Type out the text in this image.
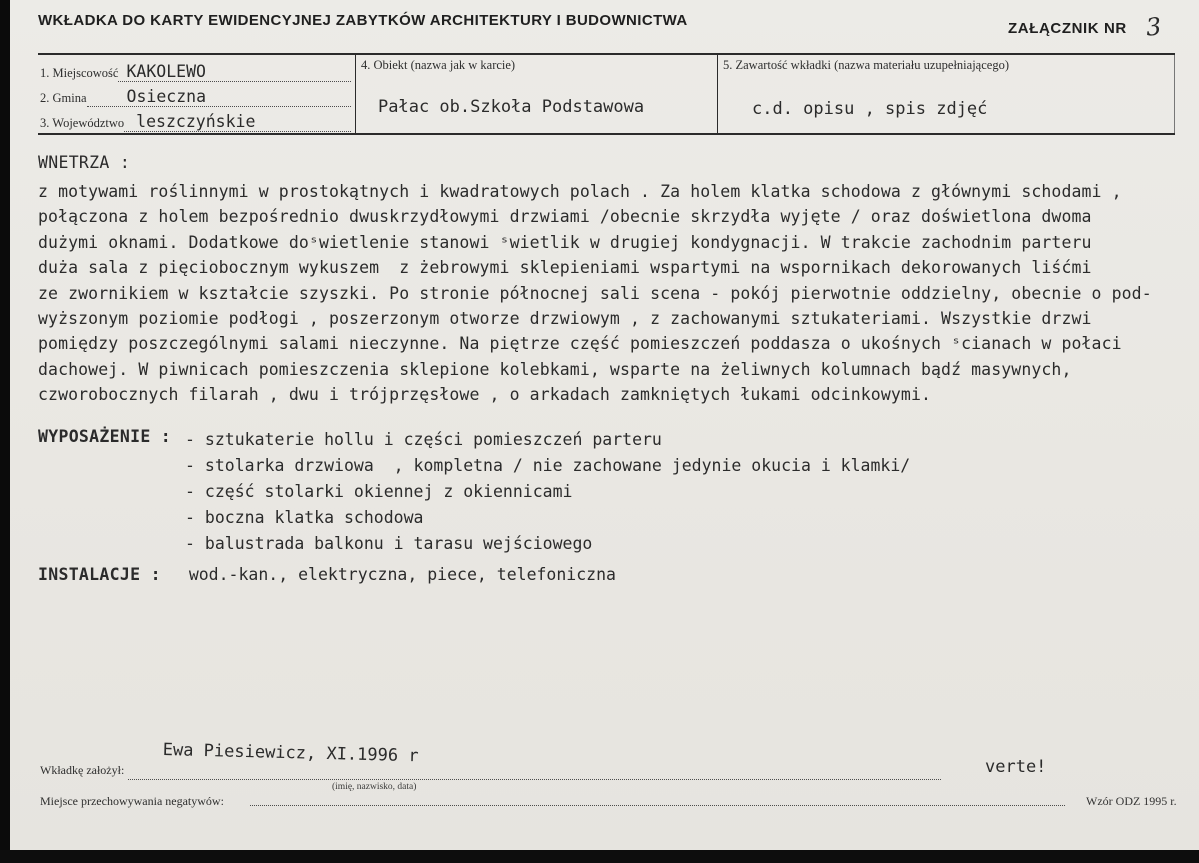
WKŁADKA DO KARTY EWIDENCYJNEJ ZABYTKÓW ARCHITEKTURY I BUDOWNICTWA	ZAŁĄCZNIK NR 3
1. Miejscowość KAKOLEWO
2. Gmina Osieczna
3. Województwo leszczyńskie
4. Obiekt (nazwa jak w karcie)
Pałac ob.Szkoła Podstawowa
5. Zawartość wkładki (nazwa materiału uzupełniającego)
c.d. opisu , spis zdjęć
WNETRZA :
z motywami roślinnymi w prostokątnych i kwadratowych polach . Za holem klatka schodowa z głównymi schodami ,
połączona z holem bezpośrednio dwuskrzydłowymi drzwiami /obecnie skrzydła wyjęte / oraz doświetlona dwoma
dużymi oknami. Dodatkowe doˢwietlenie stanowi ˢwietlik w drugiej kondygnacji. W trakcie zachodnim parteru
duża sala z pięciobocznym wykuszem  z żebrowymi sklepieniami wspartymi na wspornikach dekorowanych liśćmi
ze zwornikiem w kształcie szyszki. Po stronie północnej sali scena - pokój pierwotnie oddzielny, obecnie o pod-
wyższonym poziomie podłogi , poszerzonym otworze drzwiowym , z zachowanymi sztukateriami. Wszystkie drzwi
pomiędzy poszczególnymi salami nieczynne. Na piętrze część pomieszczeń poddasza o ukośnych ˢcianach w połaci
dachowej. W piwnicach pomieszczenia sklepione kolebkami, wsparte na żeliwnych kolumnach bądź masywnych,
czworobocznych filarah , dwu i trójprzęsłowe , o arkadach zamkniętych łukami odcinkowymi.
WYPOSAŻENIE : - sztukaterie hollu i części pomieszczeń parteru
- stolarka drzwiowa  , kompletna / nie zachowane jedynie okucia i klamki/
- część stolarki okiennej z okiennicami
- boczna klatka schodowa
- balustrada balkonu i tarasu wejściowego
INSTALACJE : wod.-kan., elektryczna, piece, telefoniczna
Wkładkę założył:
Ewa Piesiewicz, XI.1996 r
(imię, nazwisko, data)
verte!
Miejsce przechowywania negatywów:	Wzór ODZ 1995 r.
